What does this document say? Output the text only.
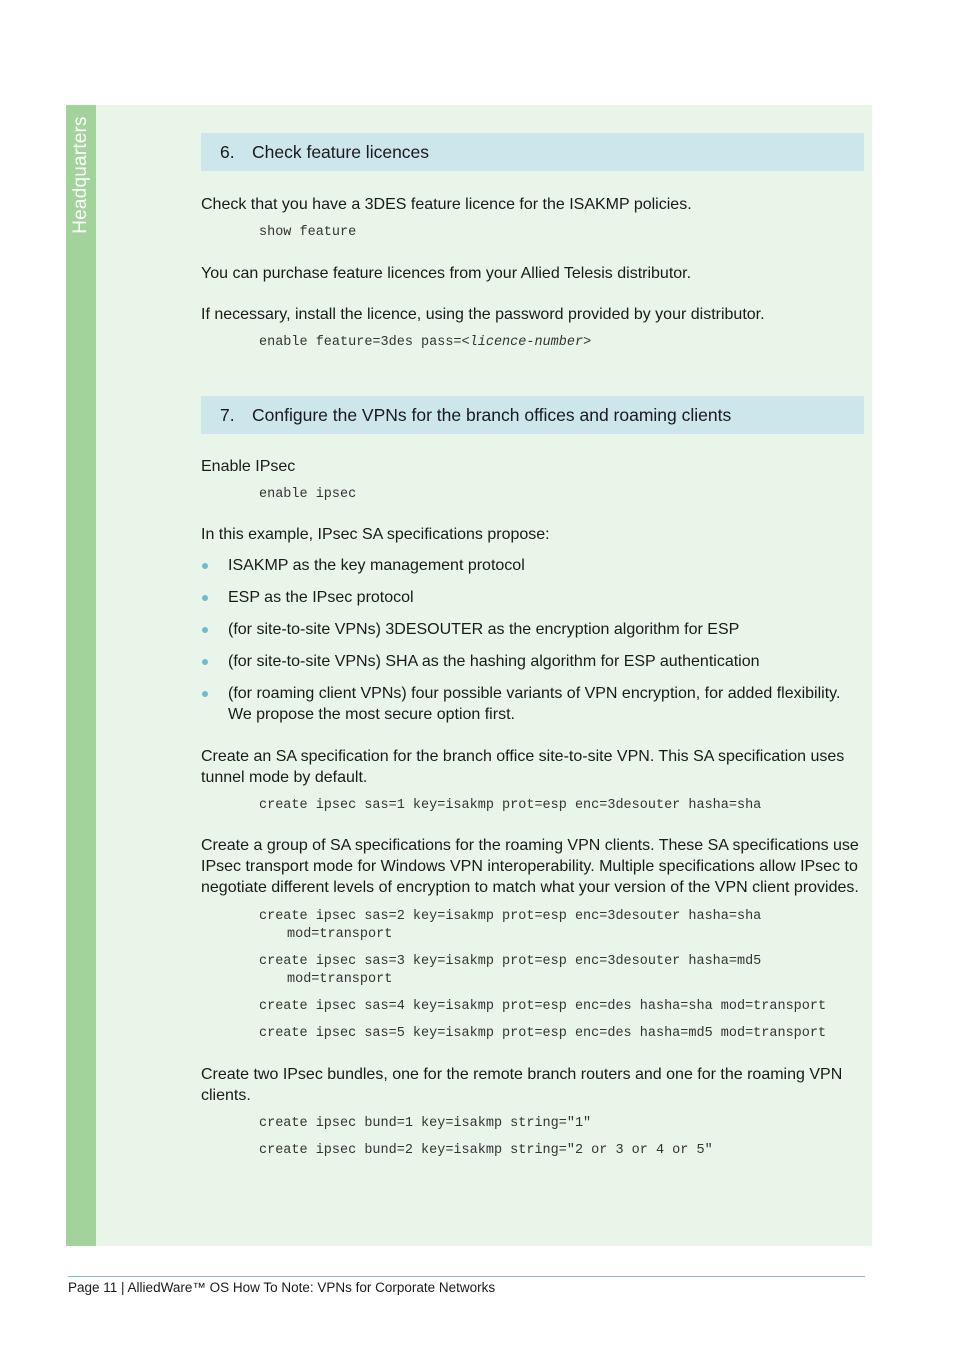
Headquarters	6. Check feature licences

Check that you have a 3DES feature licence for the ISAKMP policies.

show feature

You can purchase feature licences from your Allied Telesis distributor.

If necessary, install the licence, using the password provided by your distributor.

enable feature=3des pass=<licence-number>
7. Configure the VPNs for the branch offices and roaming clients

Enable IPsec

enable ipsec

In this example, IPsec SA specifications propose:

ISAKMP as the key management protocol
ESP as the IPsec protocol
(for site-to-site VPNs) 3DESOUTER as the encryption algorithm for ESP
(for site-to-site VPNs) SHA as the hashing algorithm for ESP authentication
(for roaming client VPNs) four possible variants of VPN encryption, for added flexibility. We propose the most secure option first.

Create an SA specification for the branch office site-to-site VPN. This SA specification uses tunnel mode by default.

create ipsec sas=1 key=isakmp prot=esp enc=3desouter hasha=sha

Create a group of SA specifications for the roaming VPN clients. These SA specifications use IPsec transport mode for Windows VPN interoperability. Multiple specifications allow IPsec to negotiate different levels of encryption to match what your version of the VPN client provides.

create ipsec sas=2 key=isakmp prot=esp enc=3desouter hasha=sha
mod=transport
create ipsec sas=3 key=isakmp prot=esp enc=3desouter hasha=md5
mod=transport
create ipsec sas=4 key=isakmp prot=esp enc=des hasha=sha mod=transport
create ipsec sas=5 key=isakmp prot=esp enc=des hasha=md5 mod=transport

Create two IPsec bundles, one for the remote branch routers and one for the roaming VPN clients.

create ipsec bund=1 key=isakmp string="1"
create ipsec bund=2 key=isakmp string="2 or 3 or 4 or 5"
Page 11 | AlliedWare™ OS How To Note: VPNs for Corporate Networks
